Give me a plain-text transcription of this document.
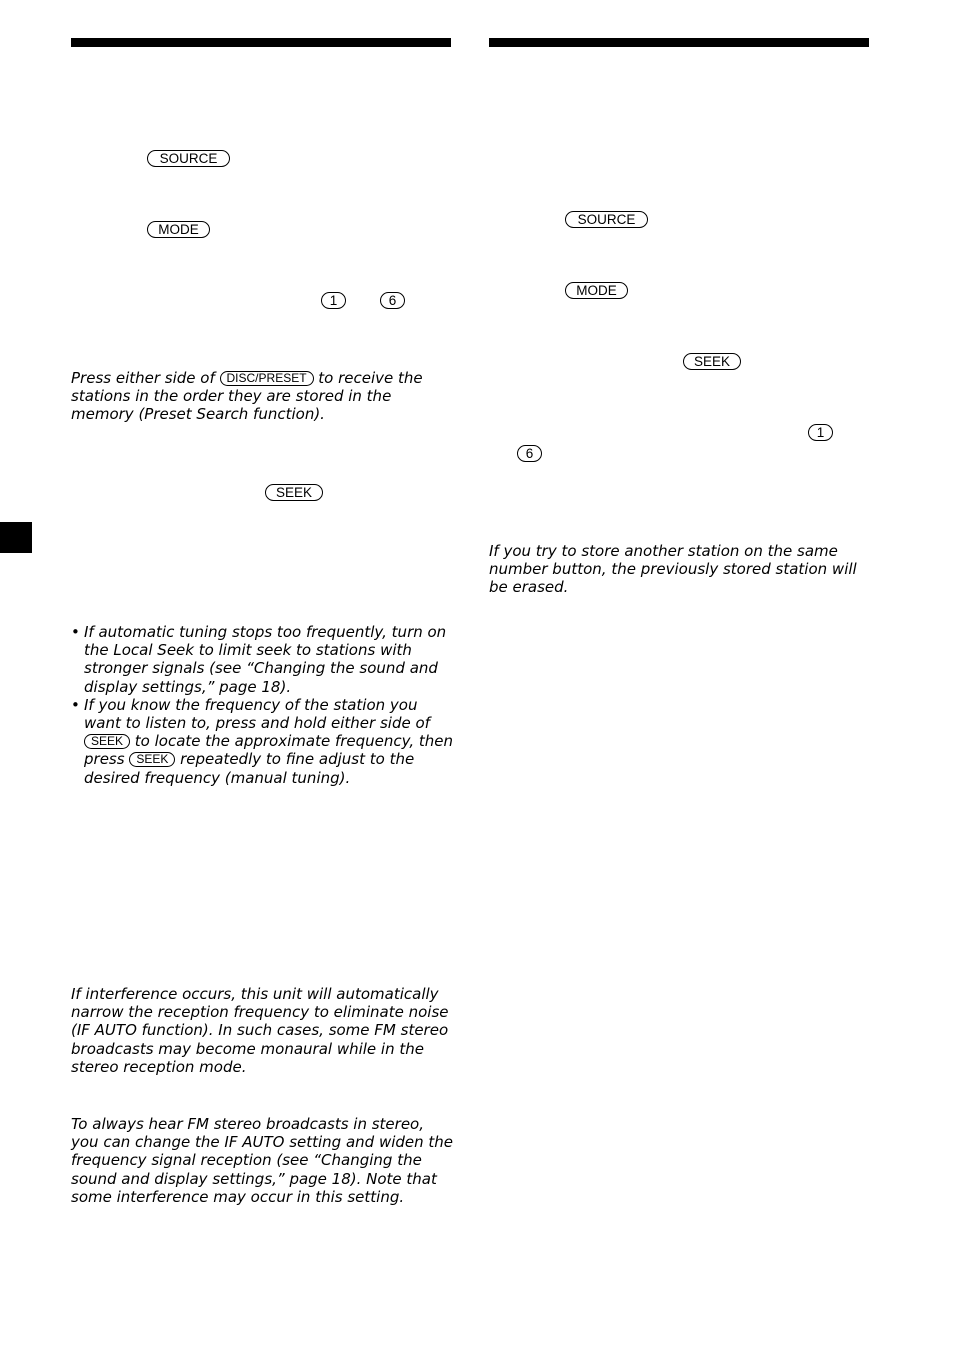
SOURCE
MODE
1	6

Press either side of DISC/PRESET to receive the stations in the order they are stored in the memory (Preset Search function).

SEEK
• If automatic tuning stops too frequently, turn on the Local Seek to limit seek to stations with stronger signals (see “Changing the sound and display settings,” page 18).
• If you know the frequency of the station you want to listen to, press and hold either side of SEEK to locate the approximate frequency, then press SEEK repeatedly to fine adjust to the desired frequency (manual tuning).

If interference occurs, this unit will automatically narrow the reception frequency to eliminate noise (IF AUTO function). In such cases, some FM stereo broadcasts may become monaural while in the stereo reception mode.

To always hear FM stereo broadcasts in stereo, you can change the IF AUTO setting and widen the frequency signal reception (see “Changing the sound and display settings,” page 18). Note that some interference may occur in this setting.

SOURCE
MODE
SEEK
1
6

If you try to store another station on the same number button, the previously stored station will be erased.
